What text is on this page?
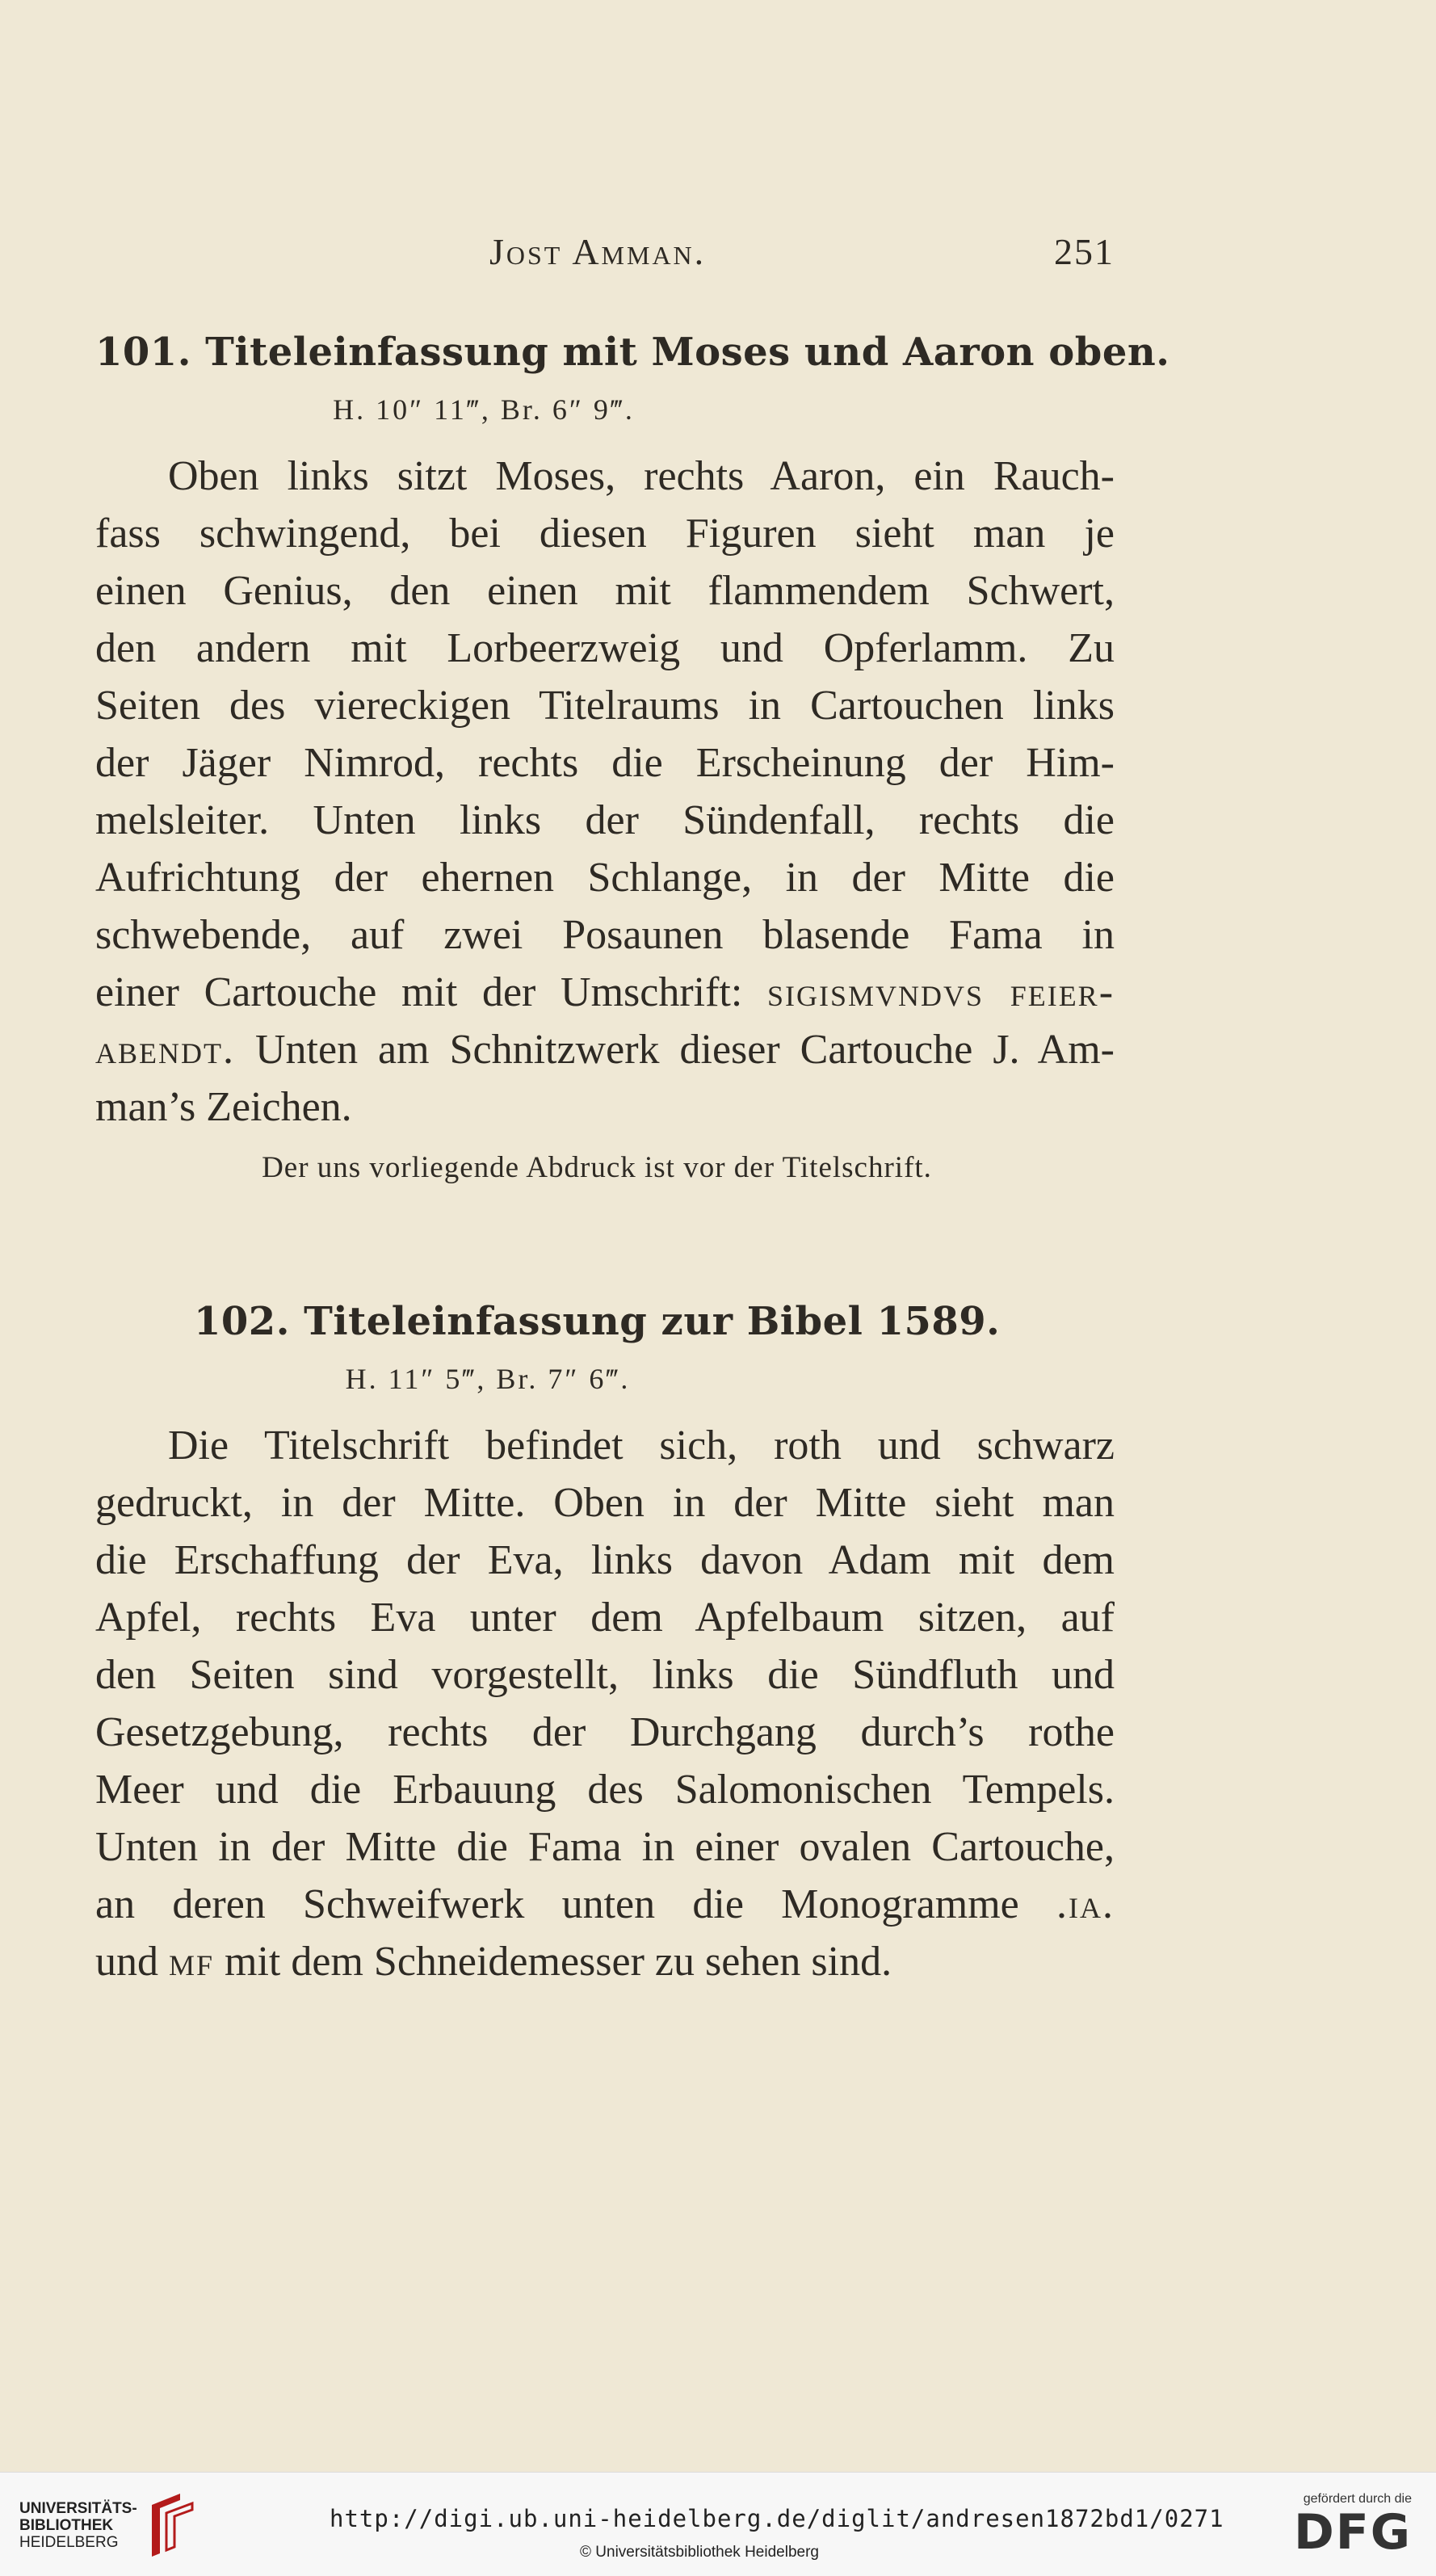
Jost Amman.	251
101. Titeleinfassung mit Moses und Aaron oben.
H. 10″ 11‴, Br. 6″ 9‴.

Oben links sitzt Moses, rechts Aaron, ein Rauch-
fass schwingend, bei diesen Figuren sieht man je
einen Genius, den einen mit flammendem Schwert,
den andern mit Lorbeerzweig und Opferlamm. Zu
Seiten des viereckigen Titelraums in Cartouchen links
der Jäger Nimrod, rechts die Erscheinung der Him-
melsleiter. Unten links der Sündenfall, rechts die
Aufrichtung der ehernen Schlange, in der Mitte die
schwebende, auf zwei Posaunen blasende Fama in
einer Cartouche mit der Umschrift: sigismvndvs feier-
abendt. Unten am Schnitzwerk dieser Cartouche J. Am-
man’s Zeichen.

Der uns vorliegende Abdruck ist vor der Titelschrift.
102. Titeleinfassung zur Bibel 1589.
H. 11″ 5‴, Br. 7″ 6‴.

Die Titelschrift befindet sich, roth und schwarz
gedruckt, in der Mitte. Oben in der Mitte sieht man
die Erschaffung der Eva, links davon Adam mit dem
Apfel, rechts Eva unter dem Apfelbaum sitzen, auf
den Seiten sind vorgestellt, links die Sündfluth und
Gesetzgebung, rechts der Durchgang durch’s rothe
Meer und die Erbauung des Salomonischen Tempels.
Unten in der Mitte die Fama in einer ovalen Cartouche,
an deren Schweifwerk unten die Monogramme .ia.
und mf mit dem Schneidemesser zu sehen sind.

UNIVERSITÄTS-
BIBLIOTHEK
HEIDELBERG
http://digi.ub.uni-heidelberg.de/diglit/andresen1872bd1/0271
© Universitätsbibliothek Heidelberg
gefördert durch die
DFG
